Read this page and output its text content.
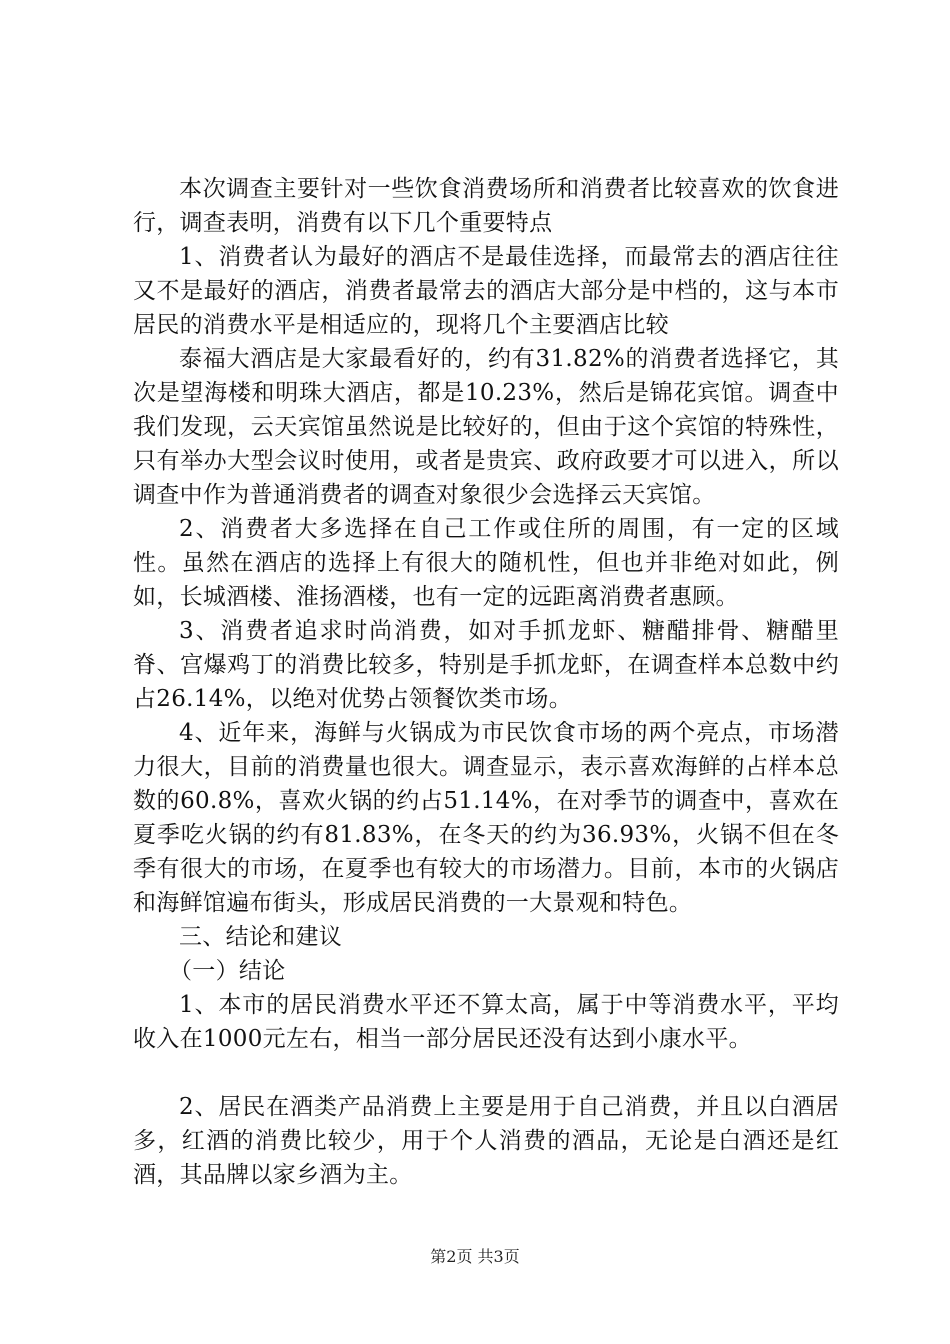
本次调查主要针对一些饮食消费场所和消费者比较喜欢的饮食进行，调查表明，消费有以下几个重要特点

1、消费者认为最好的酒店不是最佳选择，而最常去的酒店往往又不是最好的酒店，消费者最常去的酒店大部分是中档的，这与本市居民的消费水平是相适应的，现将几个主要酒店比较

泰福大酒店是大家最看好的，约有31.82%的消费者选择它，其次是望海楼和明珠大酒店，都是10.23%，然后是锦花宾馆。调查中我们发现，云天宾馆虽然说是比较好的，但由于这个宾馆的特殊性，只有举办大型会议时使用，或者是贵宾、政府政要才可以进入，所以调查中作为普通消费者的调查对象很少会选择云天宾馆。

2、消费者大多选择在自己工作或住所的周围，有一定的区域性。虽然在酒店的选择上有很大的随机性，但也并非绝对如此，例如，长城酒楼、淮扬酒楼，也有一定的远距离消费者惠顾。

3、消费者追求时尚消费，如对手抓龙虾、糖醋排骨、糖醋里脊、宫爆鸡丁的消费比较多，特别是手抓龙虾，在调查样本总数中约占26.14%，以绝对优势占领餐饮类市场。

4、近年来，海鲜与火锅成为市民饮食市场的两个亮点，市场潜力很大，目前的消费量也很大。调查显示，表示喜欢海鲜的占样本总数的60.8%，喜欢火锅的约占51.14%，在对季节的调查中，喜欢在夏季吃火锅的约有81.83%，在冬天的约为36.93%，火锅不但在冬季有很大的市场，在夏季也有较大的市场潜力。目前，本市的火锅店和海鲜馆遍布街头，形成居民消费的一大景观和特色。

三、结论和建议

（一）结论

1、本市的居民消费水平还不算太高，属于中等消费水平，平均收入在1000元左右，相当一部分居民还没有达到小康水平。

2、居民在酒类产品消费上主要是用于自己消费，并且以白酒居多，红酒的消费比较少，用于个人消费的酒品，无论是白酒还是红酒，其品牌以家乡酒为主。

第2页 共3页
